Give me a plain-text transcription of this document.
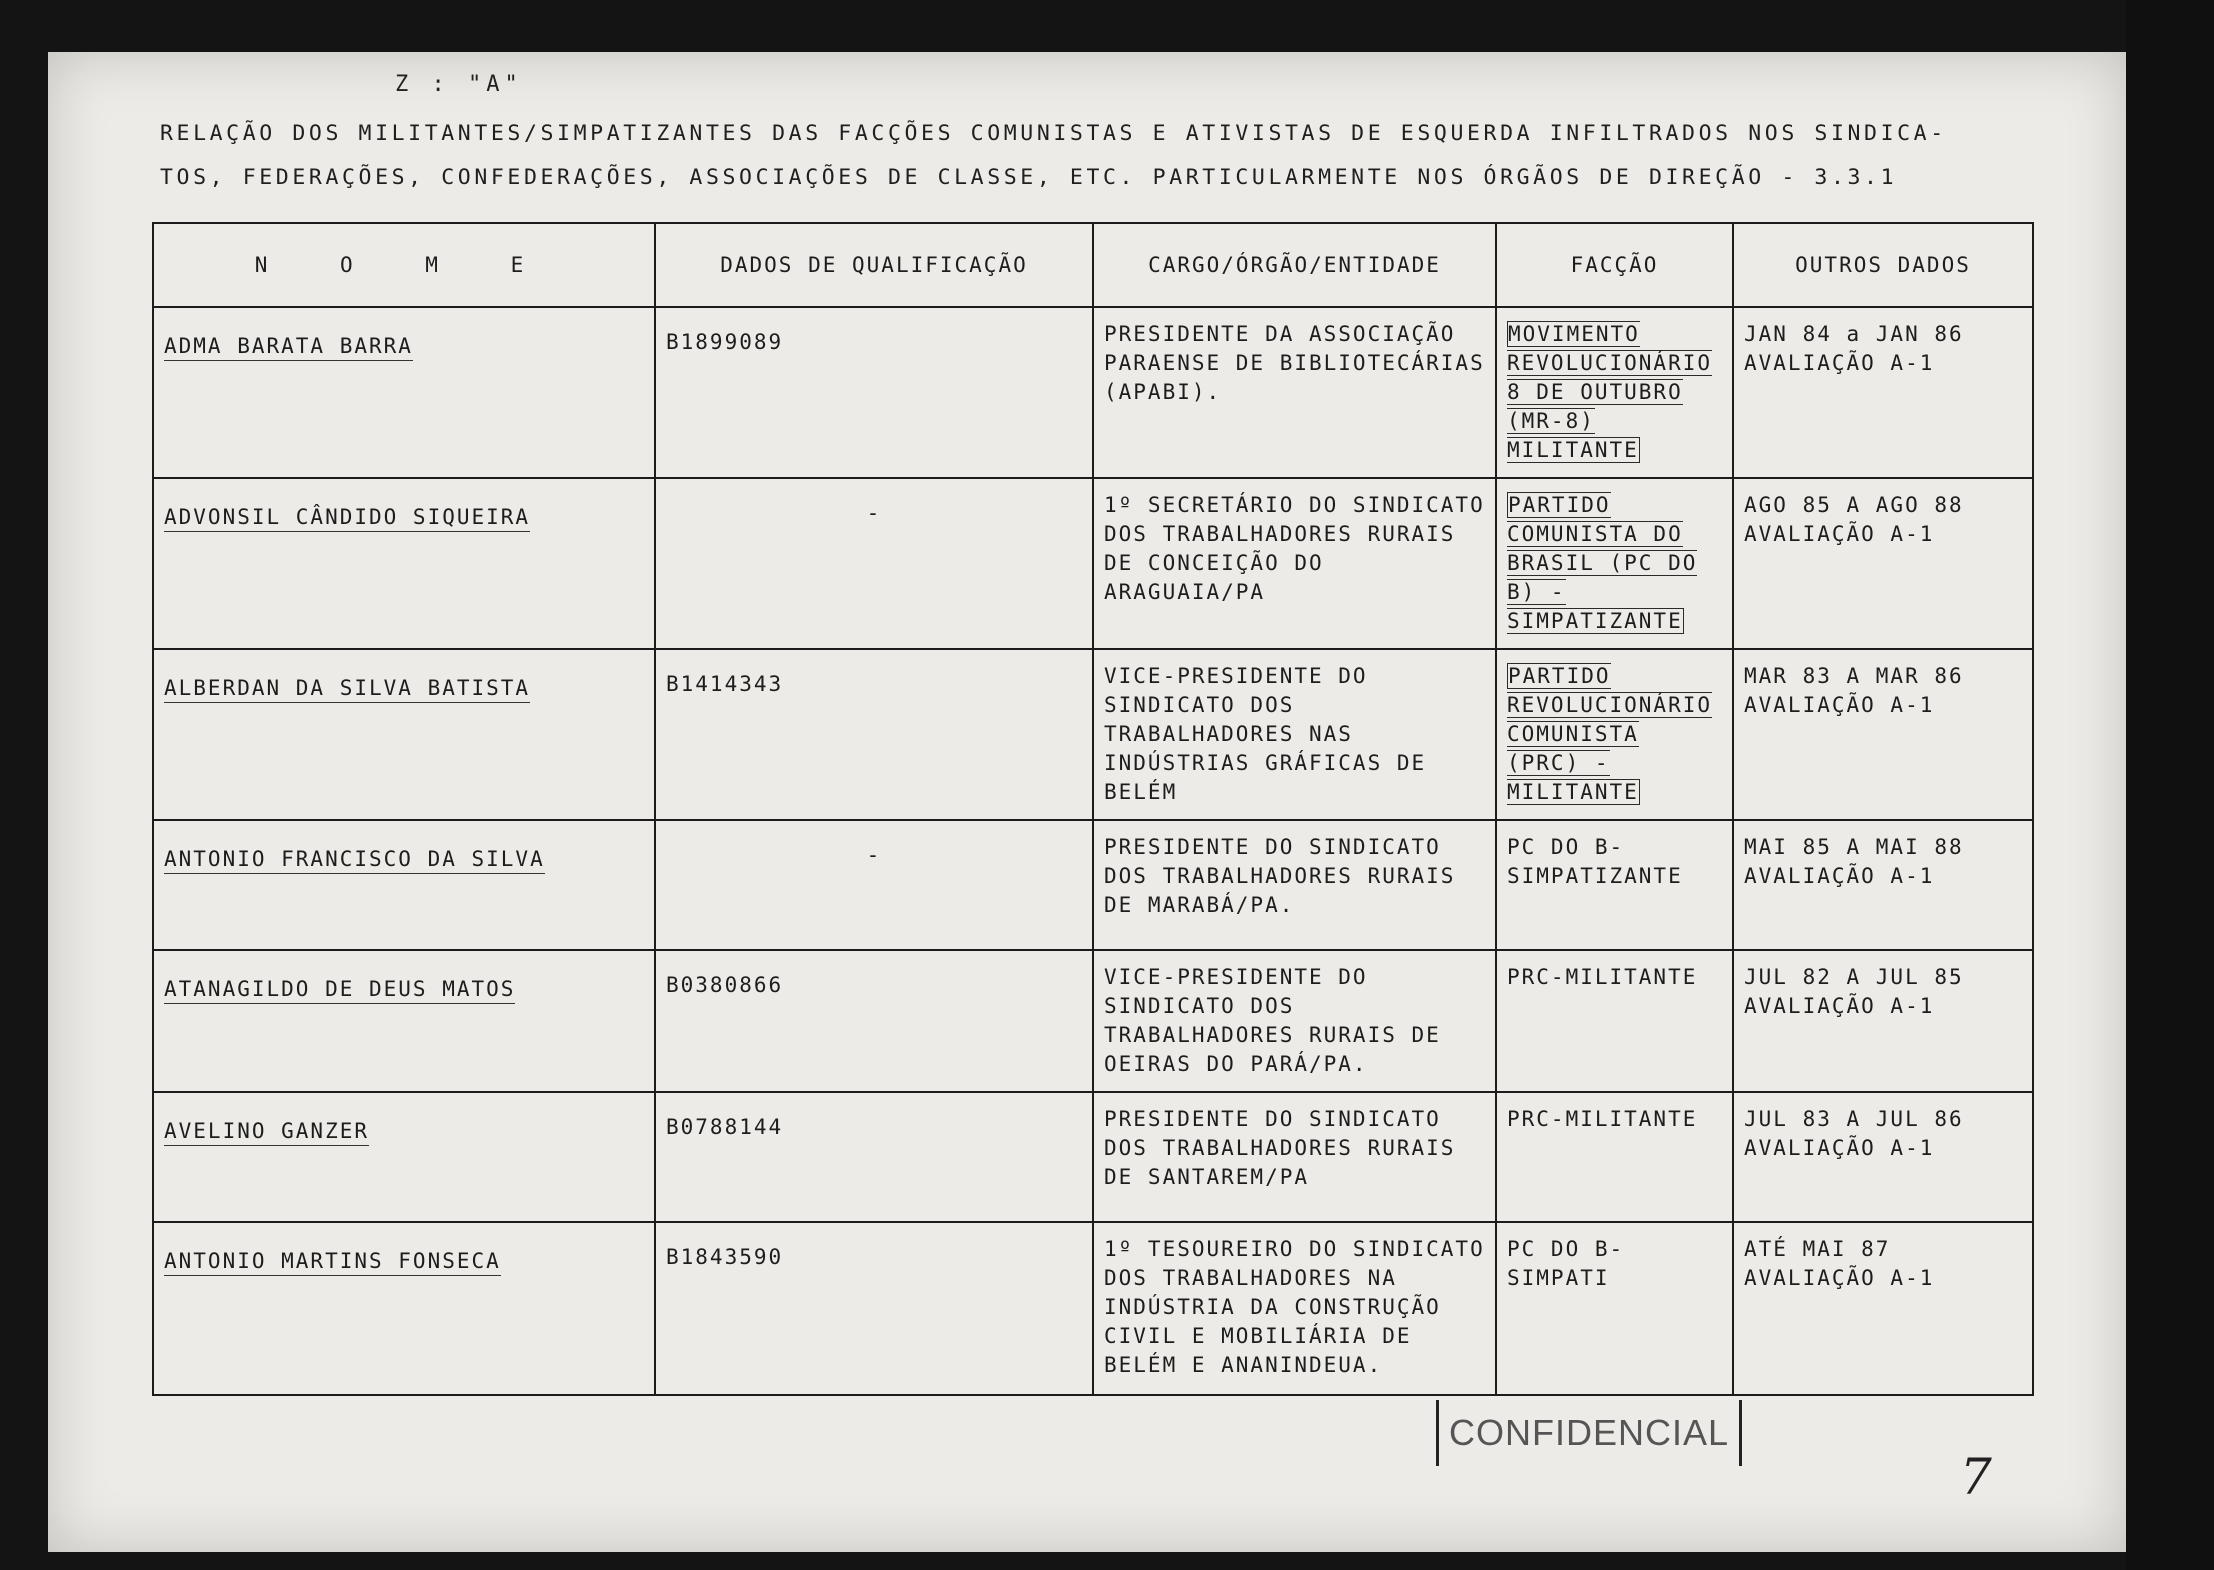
Z : "A"
RELAÇÃO DOS MILITANTES/SIMPATIZANTES DAS FACÇÕES COMUNISTAS E ATIVISTAS DE ESQUERDA INFILTRADOS NOS SINDICA-
TOS, FEDERAÇÕES, CONFEDERAÇÕES, ASSOCIAÇÕES DE CLASSE, ETC. PARTICULARMENTE NOS ÓRGÃOS DE DIREÇÃO - 3.3.1
N O M E	DADOS DE QUALIFICAÇÃO	CARGO/ÓRGÃO/ENTIDADE	FACÇÃO	OUTROS DADOS
ADMA BARATA BARRA	B1899089	PRESIDENTE DA ASSOCIAÇÃO PARAENSE DE BIBLIOTECÁRIAS (APABI).	MOVIMENTO REVOLUCIONÁRIO 8 DE OUTUBRO (MR-8) MILITANTE	JAN 84 a JAN 86
AVALIAÇÃO A-1

ADVONSIL CÂNDIDO SIQUEIRA	-	1º SECRETÁRIO DO SINDICATO DOS TRABALHADORES RURAIS DE CONCEIÇÃO DO ARAGUAIA/PA	PARTIDO COMUNISTA DO BRASIL (PC DO B) - SIMPATIZANTE	AGO 85 A AGO 88
AVALIAÇÃO A-1

ALBERDAN DA SILVA BATISTA	B1414343	VICE-PRESIDENTE DO SINDICATO DOS TRABALHADORES NAS INDÚSTRIAS GRÁFICAS DE BELÉM	PARTIDO REVOLUCIONÁRIO COMUNISTA (PRC) - MILITANTE	MAR 83 A MAR 86
AVALIAÇÃO A-1

ANTONIO FRANCISCO DA SILVA	-	PRESIDENTE DO SINDICATO DOS TRABALHADORES RURAIS DE MARABÁ/PA.	PC DO B-SIMPATIZANTE	MAI 85 A MAI 88
AVALIAÇÃO A-1

ATANAGILDO DE DEUS MATOS	B0380866	VICE-PRESIDENTE DO SINDICATO DOS TRABALHADORES RURAIS DE OEIRAS DO PARÁ/PA.	PRC-MILITANTE	JUL 82 A JUL 85
AVALIAÇÃO A-1

AVELINO GANZER	B0788144	PRESIDENTE DO SINDICATO DOS TRABALHADORES RURAIS DE SANTAREM/PA	PRC-MILITANTE	JUL 83 A JUL 86
AVALIAÇÃO A-1

ANTONIO MARTINS FONSECA	B1843590	1º TESOUREIRO DO SINDICATO DOS TRABALHADORES NA INDÚSTRIA DA CONSTRUÇÃO CIVIL E MOBILIÁRIA DE BELÉM E ANANINDEUA.	PC DO B-SIMPATI	ATÉ MAI 87
AVALIAÇÃO A-1
CONFIDENCIAL
7
